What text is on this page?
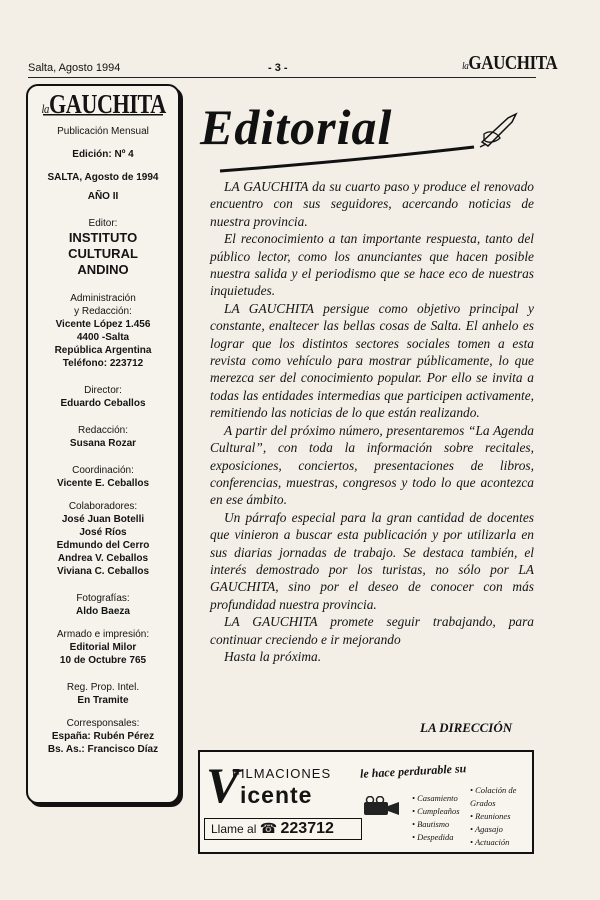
Salta, Agosto 1994	- 3 -	laGAUCHITA
laGAUCHITA
Publicación Mensual
Edición: Nº 4
SALTA, Agosto de 1994
AÑO II
Editor:
INSTITUTO
CULTURAL
ANDINO
Administración
y Redacción:
Vicente López 1.456
4400 -Salta
República Argentina
Teléfono: 223712
Director:
Eduardo Ceballos
Redacción:
Susana Rozar
Coordinación:
Vicente E. Ceballos
Colaboradores:
José Juan Botelli
José Ríos
Edmundo del Cerro
Andrea V. Ceballos
Viviana C. Ceballos
Fotografías:
Aldo Baeza
Armado e impresión:
Editorial Milor
10 de Octubre 765
Reg. Prop. Intel.
En Tramite
Corresponsales:
España: Rubén Pérez
Bs. As.: Francisco Díaz
Editorial

LA GAUCHITA da su cuarto paso y produce el renovado encuentro con sus seguidores, acercando noticias de nuestra provincia.

El reconocimiento a tan importante respuesta, tanto del público lector, como los anunciantes que hacen posible nuestra salida y el periodismo que se hace eco de nuestras inquietudes.

LA GAUCHITA persigue como objetivo principal y constante, enaltecer las bellas cosas de Salta. El anhelo es lograr que los distintos sectores sociales tomen a esta revista como vehículo para mostrar públicamente, lo que merezca ser del conocimiento popular. Por ello se invita a todas las entidades intermedias que participen activamente, remitiendo las noticias de lo que están realizando.

A partir del próximo número, presentaremos “La Agenda Cultural”, con toda la información sobre recitales, exposiciones, conciertos, presentaciones de libros, conferencias, muestras, congresos y todo lo que acontezca en ese ámbito.

Un párrafo especial para la gran cantidad de docentes que vinieron a buscar esta publicación y por utilizarla en sus diarias jornadas de trabajo. Se destaca también, el interés demostrado por los turistas, no sólo por LA GAUCHITA, sino por el deseo de conocer con más profundidad nuestra provincia.

LA GAUCHITA promete seguir trabajando, para continuar creciendo e ir mejorando

Hasta la próxima.

LA DIRECCIÓN
V
FILMACIONES
icente
le hace perdurable su
Llame al ☎ 223712
• Casamiento
• Cumpleaños
• Bautismo
• Despedida
• Colación de Grados
• Reuniones
• Agasajo
• Actuación
